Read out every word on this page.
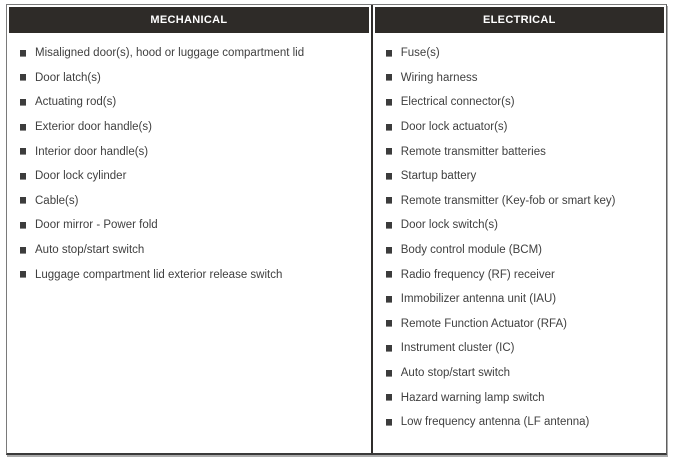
MECHANICAL
Misaligned door(s), hood or luggage compartment lid
Door latch(s)
Actuating rod(s)
Exterior door handle(s)
Interior door handle(s)
Door lock cylinder
Cable(s)
Door mirror - Power fold
Auto stop/start switch
Luggage compartment lid exterior release switch
ELECTRICAL
Fuse(s)
Wiring harness
Electrical connector(s)
Door lock actuator(s)
Remote transmitter batteries
Startup battery
Remote transmitter (Key-fob or smart key)
Door lock switch(s)
Body control module (BCM)
Radio frequency (RF) receiver
Immobilizer antenna unit (IAU)
Remote Function Actuator (RFA)
Instrument cluster (IC)
Auto stop/start switch
Hazard warning lamp switch
Low frequency antenna (LF antenna)
